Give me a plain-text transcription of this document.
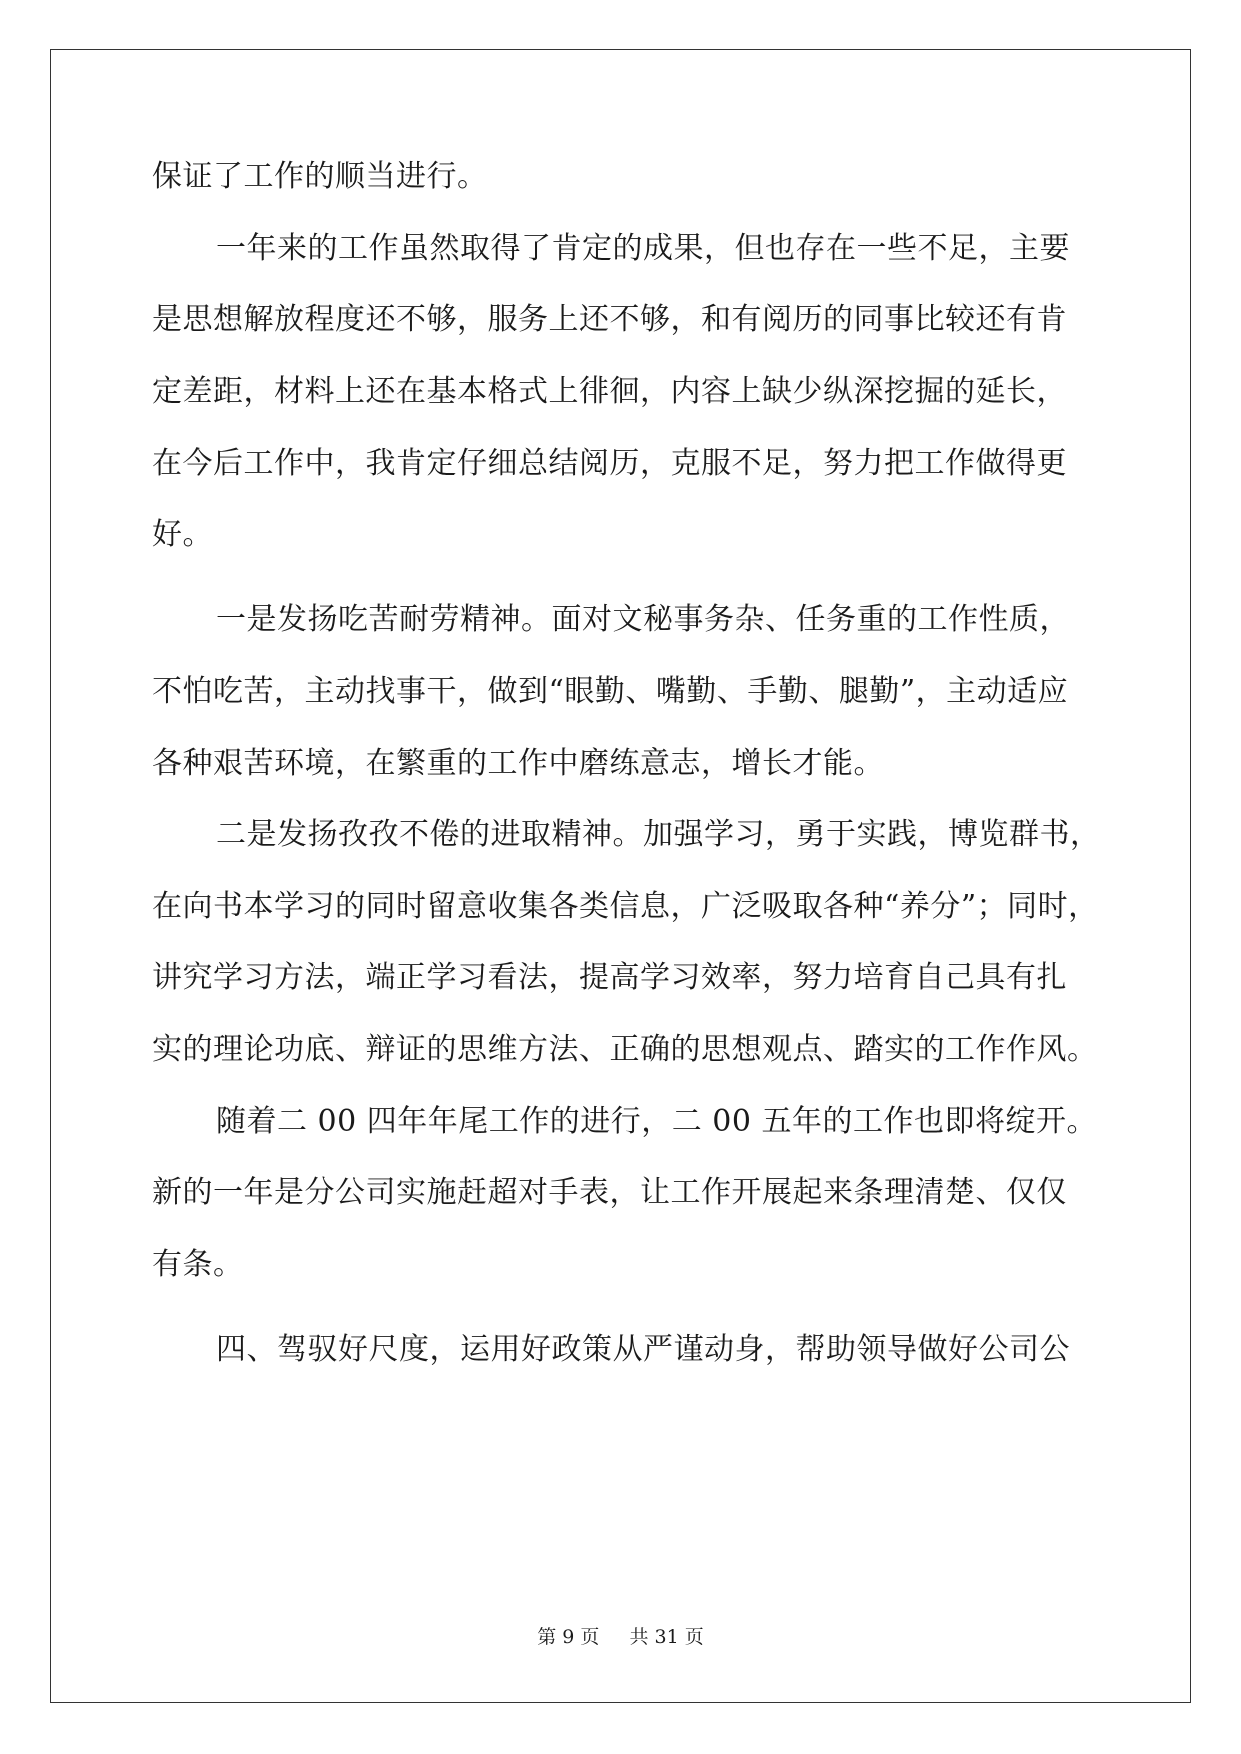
保证了工作的顺当进行。
一年来的工作虽然取得了肯定的成果，但也存在一些不足，主要
是思想解放程度还不够，服务上还不够，和有阅历的同事比较还有肯
定差距，材料上还在基本格式上徘徊，内容上缺少纵深挖掘的延长，
在今后工作中，我肯定仔细总结阅历，克服不足，努力把工作做得更
好。
一是发扬吃苦耐劳精神。面对文秘事务杂、任务重的工作性质，
不怕吃苦，主动找事干，做到“眼勤、嘴勤、手勤、腿勤”，主动适应
各种艰苦环境，在繁重的工作中磨练意志，增长才能。
二是发扬孜孜不倦的进取精神。加强学习，勇于实践，博览群书，
在向书本学习的同时留意收集各类信息，广泛吸取各种“养分”；同时，
讲究学习方法，端正学习看法，提高学习效率，努力培育自己具有扎
实的理论功底、辩证的思维方法、正确的思想观点、踏实的工作作风。
随着二 00 四年年尾工作的进行，二 00 五年的工作也即将绽开。
新的一年是分公司实施赶超对手表，让工作开展起来条理清楚、仅仅
有条。
四、驾驭好尺度，运用好政策从严谨动身，帮助领导做好公司公
第 9 页 共 31 页
